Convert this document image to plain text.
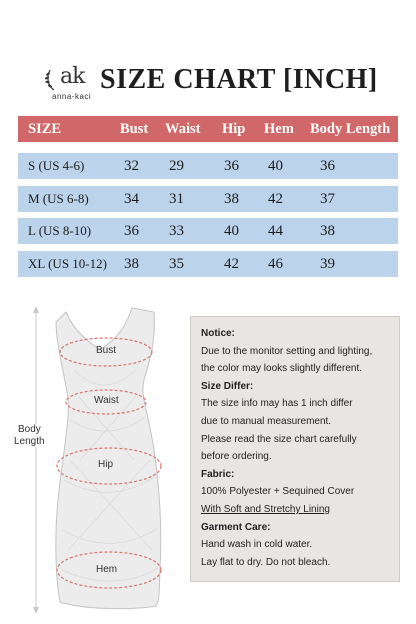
ak
anna-kaci
SIZE CHART [INCH]
SIZE	Bust Waist Hip Hem Body Length
S (US 4-6)	32 29	36 40 36
M (US 6-8) 34 31	38 42 37
L (US 8-10) 36 33	40 44 38
XL (US 10-12) 38 35	42 46 39
Bust
Waist
Hip
Hem
Body
Length
Notice:
Due to the monitor setting and lighting,
the color may looks slightly different.
Size Differ:
The size info may has 1 inch differ
due to manual measurement.
Please read the size chart carefully
before ordering.
Fabric:
100% Polyester + Sequined Cover
With Soft and Stretchy Lining
Garment Care:
Hand wash in cold water.
Lay flat to dry. Do not bleach.
